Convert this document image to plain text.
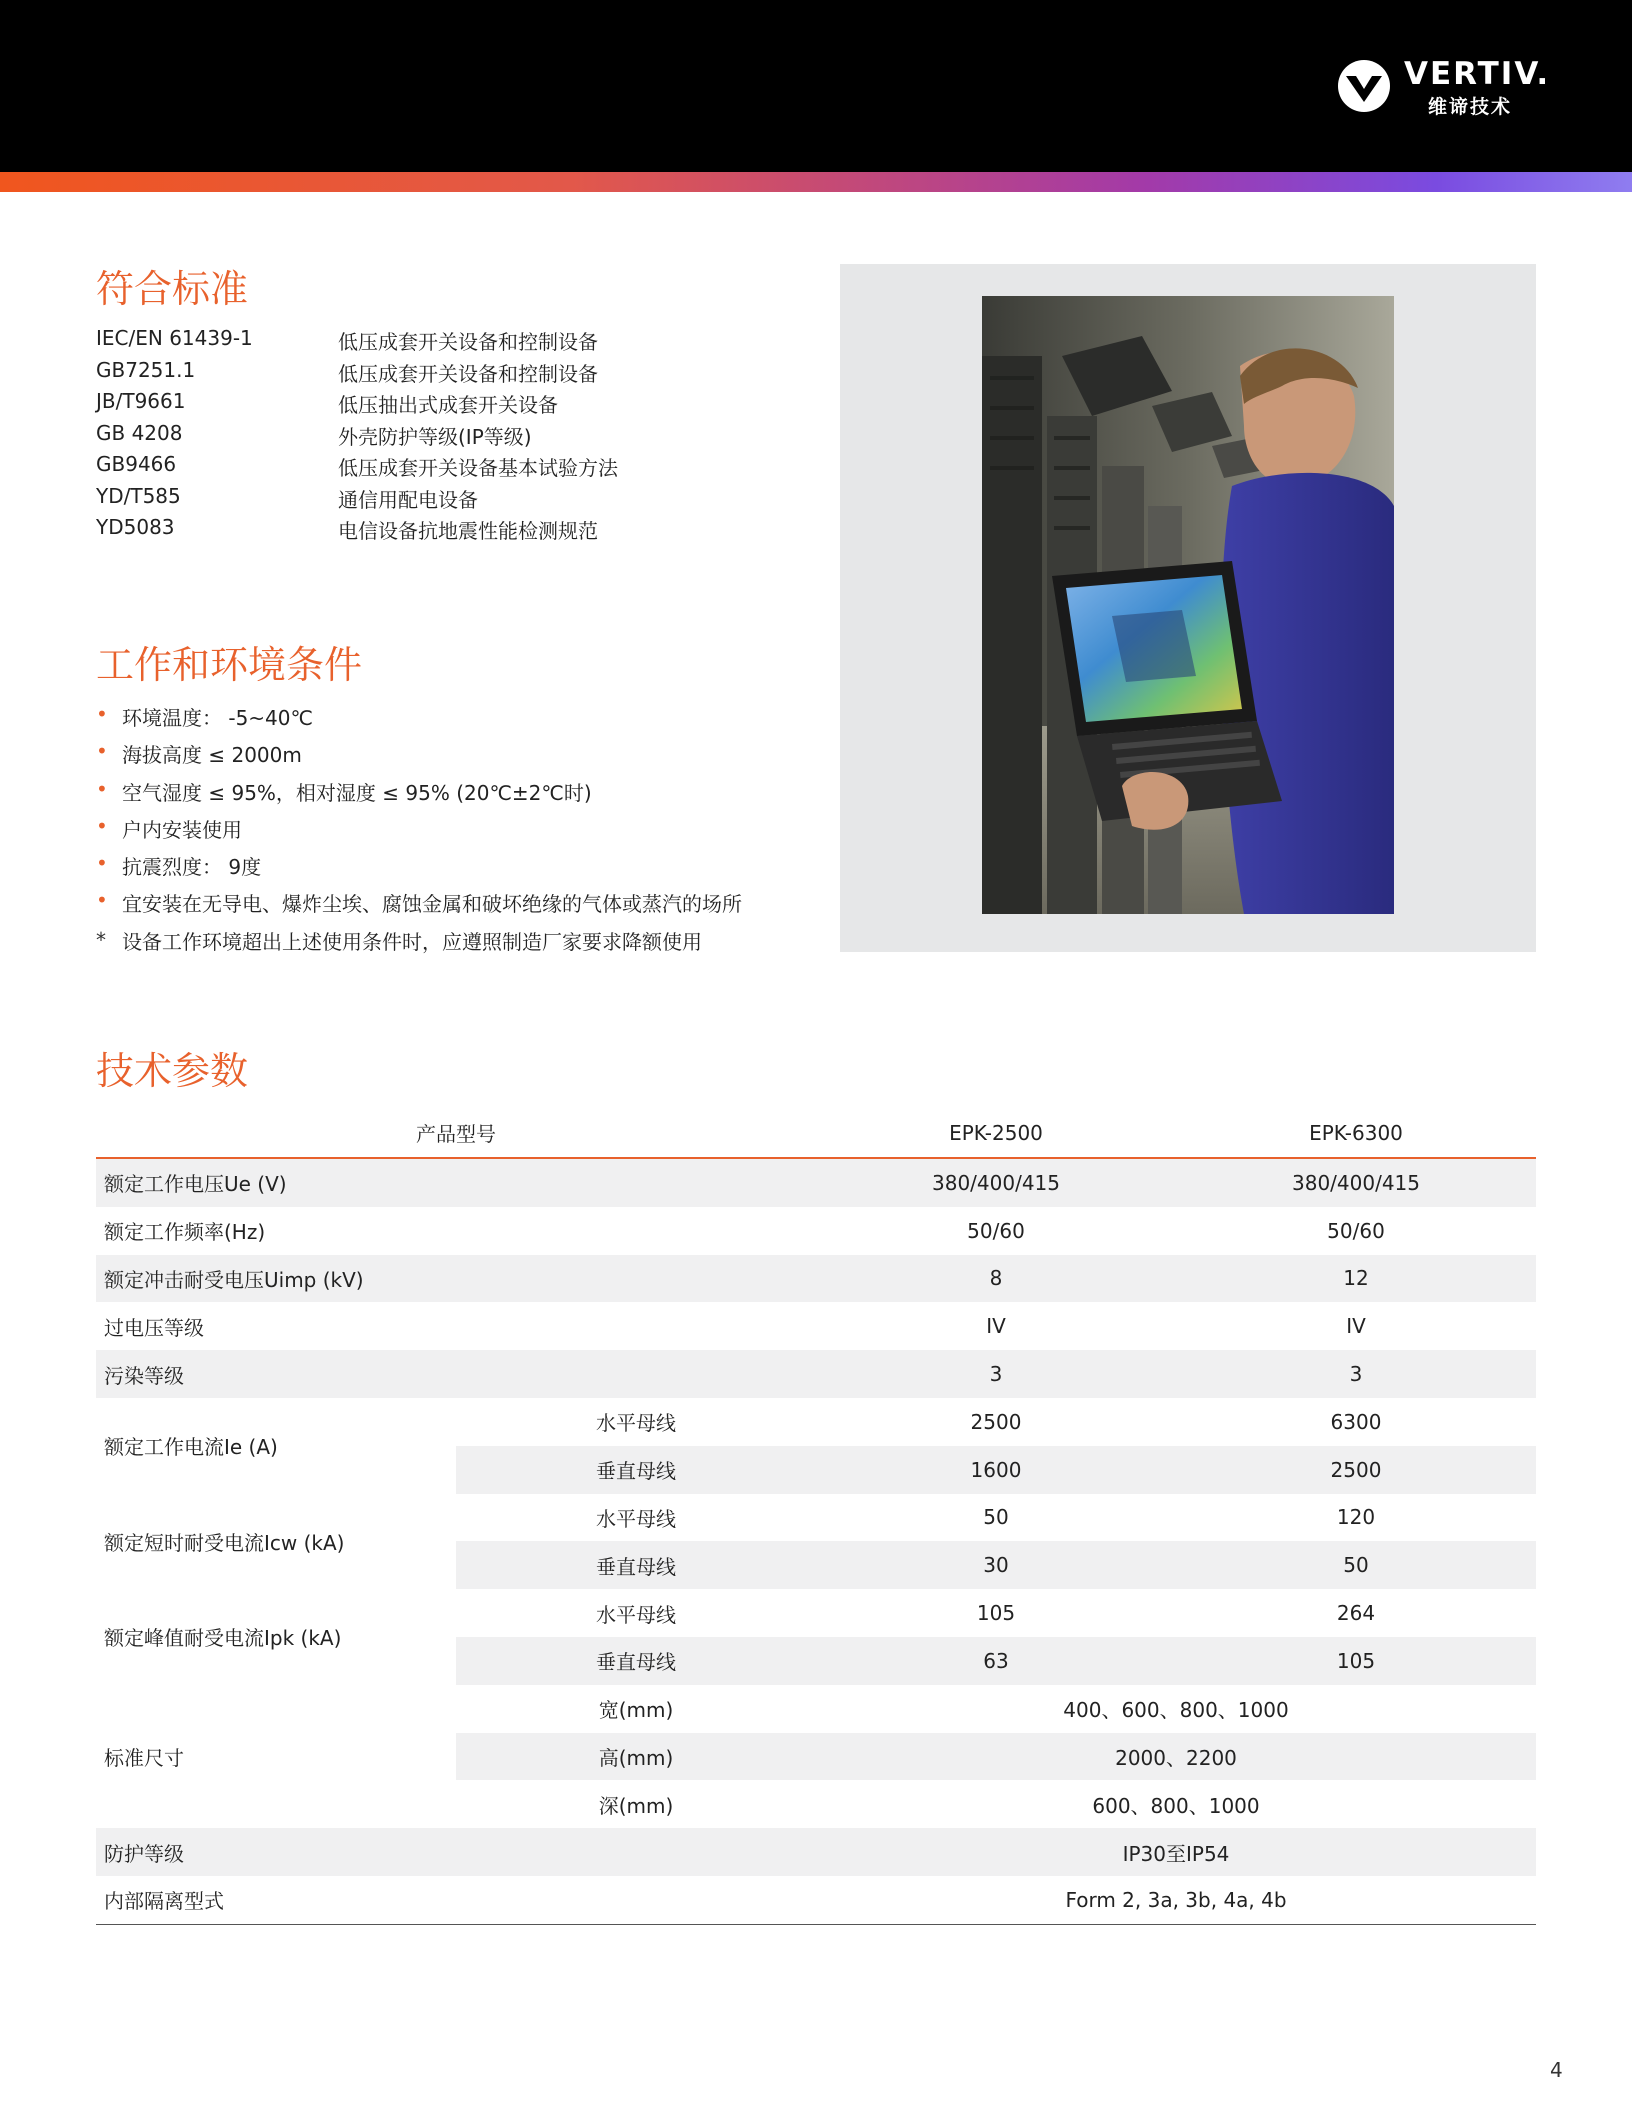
VERTIV.
维谛技术
符合标准
IEC/EN 61439-1	低压成套开关设备和控制设备
GB7251.1	低压成套开关设备和控制设备
JB/T9661	低压抽出式成套开关设备
GB 4208	外壳防护等级(IP等级)
GB9466	低压成套开关设备基本试验方法
YD/T585	通信用配电设备
YD5083	电信设备抗地震性能检测规范
工作和环境条件
• 环境温度： -5~40℃
• 海拔高度 ≤ 2000m
• 空气湿度 ≤ 95%，相对湿度 ≤ 95% (20℃±2℃时)
• 户内安装使用
• 抗震烈度： 9度
• 宜安装在无导电、爆炸尘埃、腐蚀金属和破坏绝缘的气体或蒸汽的场所
* 设备工作环境超出上述使用条件时，应遵照制造厂家要求降额使用
技术参数
产品型号		EPK-2500	EPK-6300
额定工作电压Ue (V)		380/400/415	380/400/415
额定工作频率(Hz)		50/60	50/60
额定冲击耐受电压Uimp (kV)		8	12
过电压等级		IV	IV
污染等级		3	3
额定工作电流Ie (A)	水平母线	2500	6300
	垂直母线	1600	2500
额定短时耐受电流Icw (kA)	水平母线	50	120
	垂直母线	30	50
额定峰值耐受电流Ipk (kA)	水平母线	105	264
	垂直母线	63	105
标准尺寸	宽(mm)	400、600、800、1000	
	高(mm)	2000、2200	
	深(mm)	600、800、1000	
防护等级		IP30至IP54	
内部隔离型式		Form 2, 3a, 3b, 4a, 4b	
4
